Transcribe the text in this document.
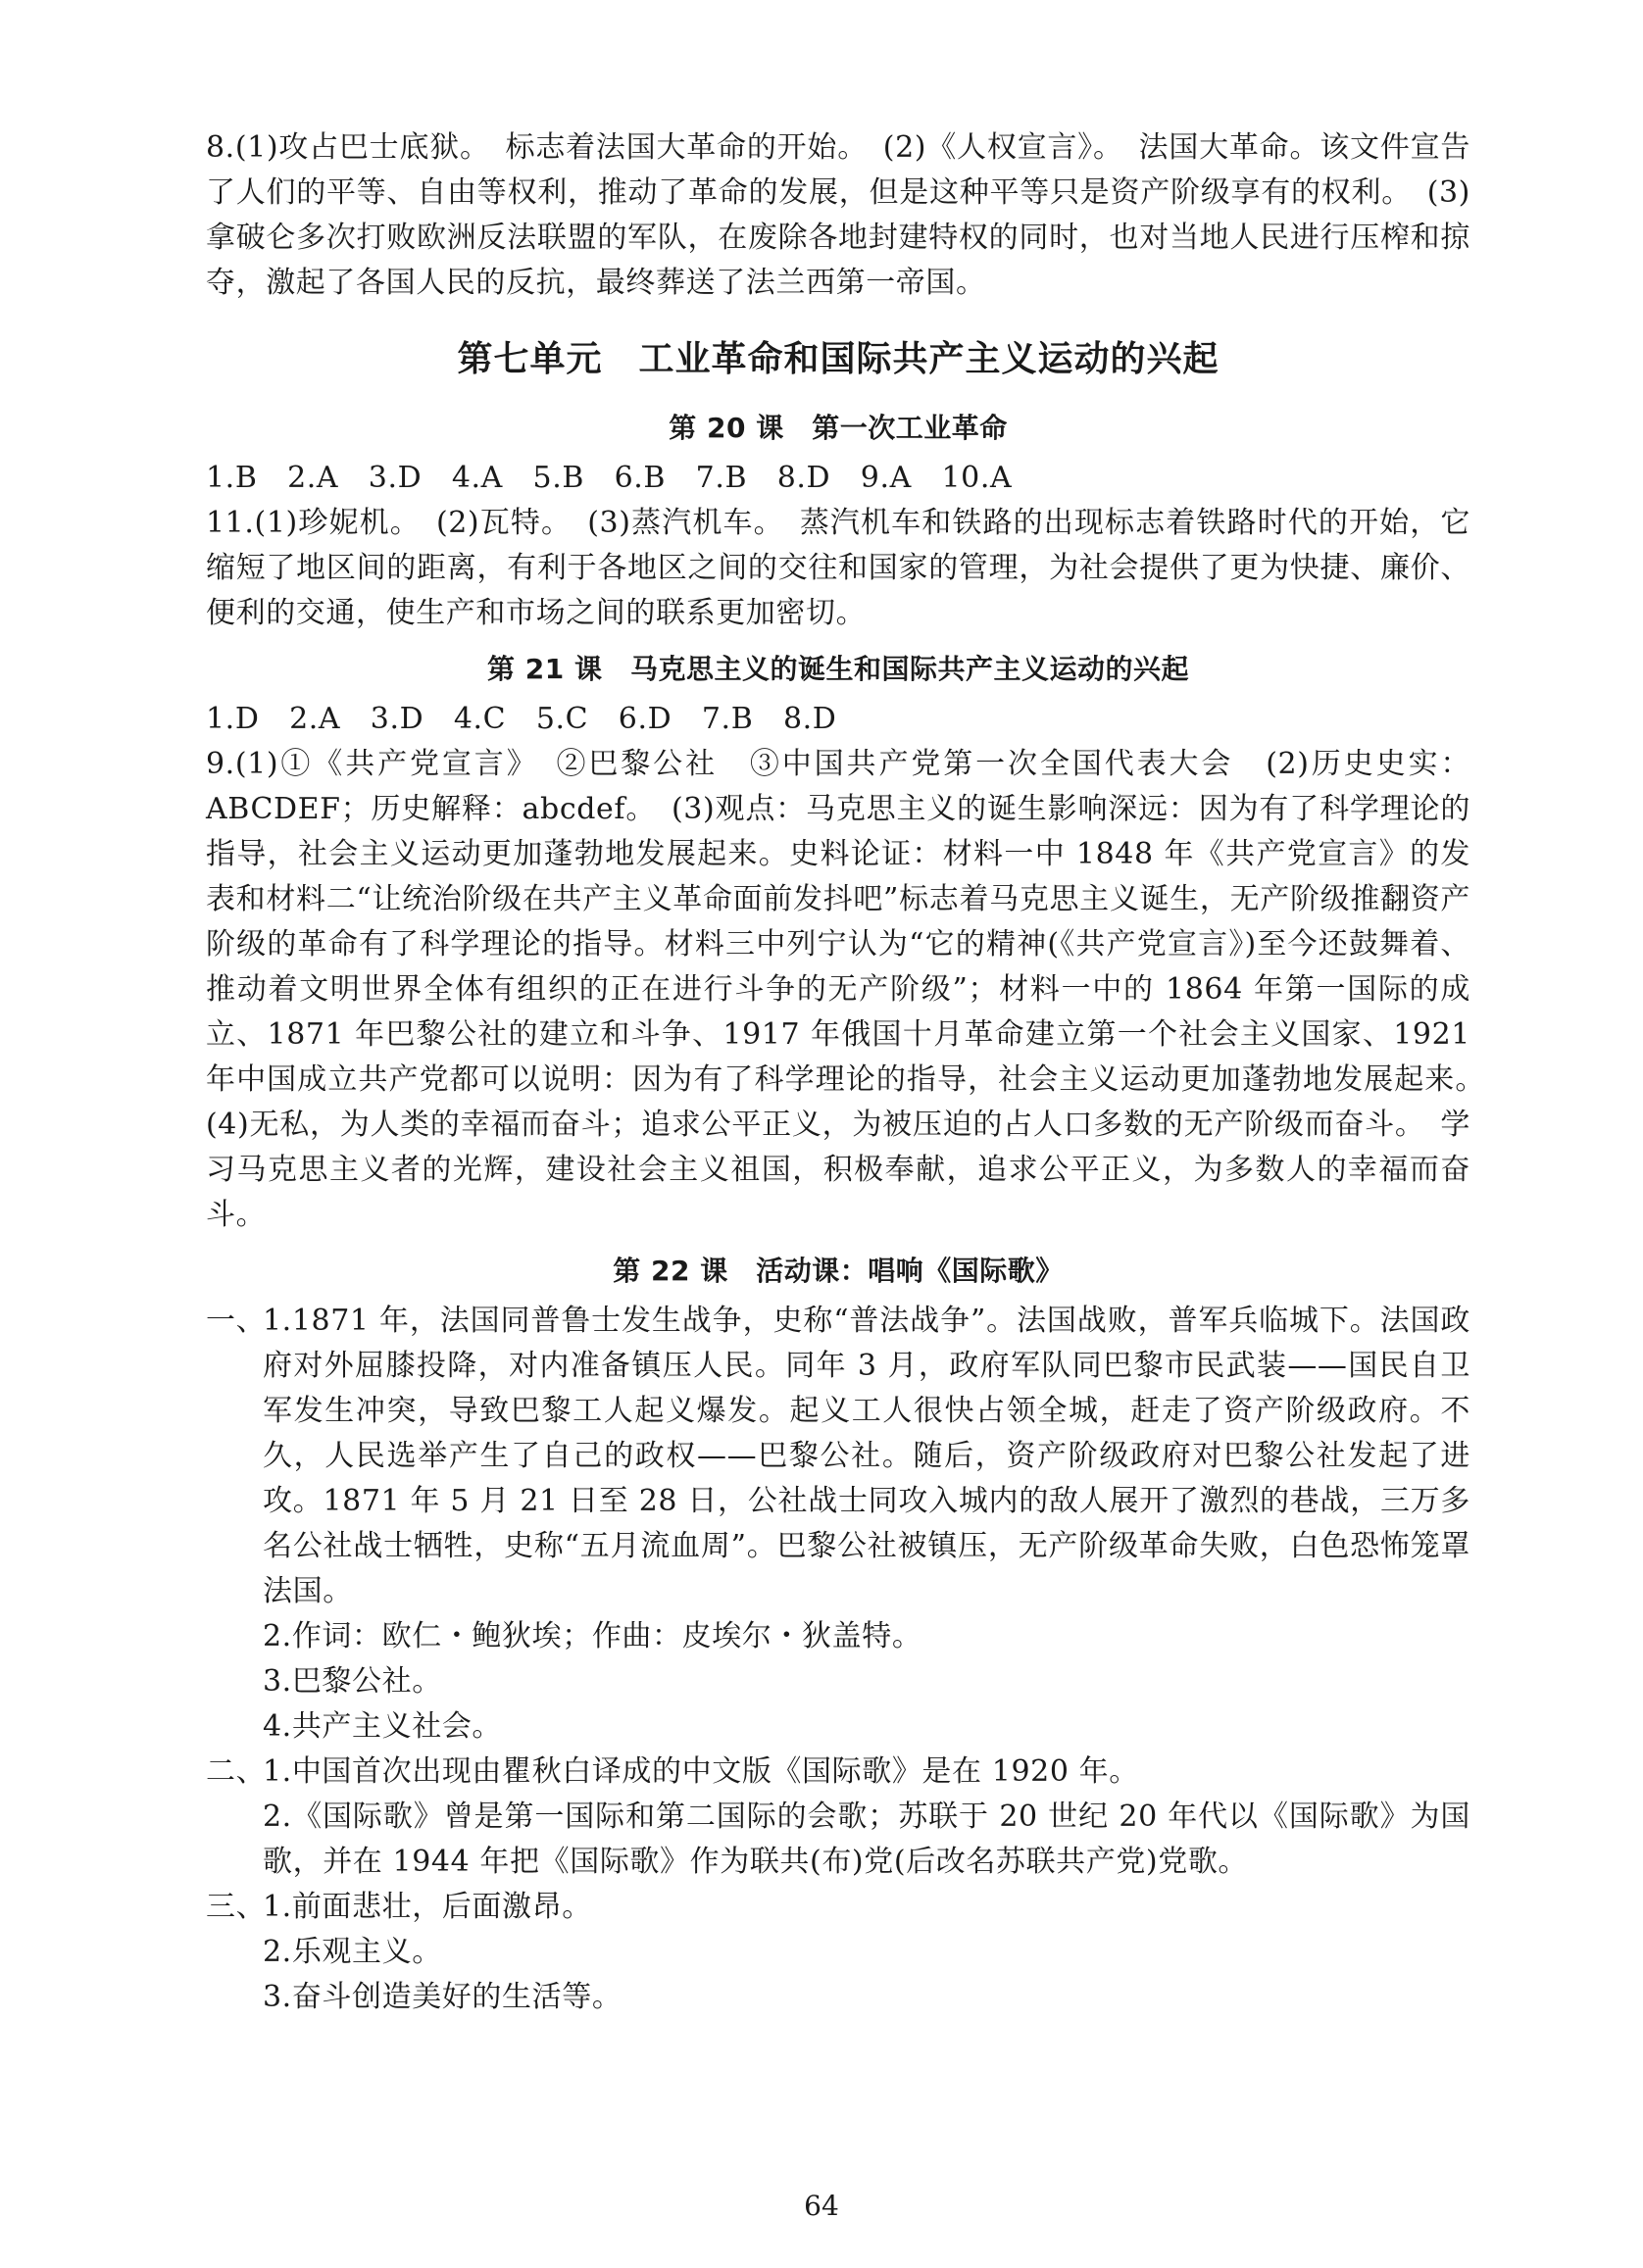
8.(1)攻占巴士底狱。　标志着法国大革命的开始。　(2)《人权宣言》。　法国大革命。该文件宣告了人们的平等、自由等权利，推动了革命的发展，但是这种平等只是资产阶级享有的权利。　(3)拿破仑多次打败欧洲反法联盟的军队，在废除各地封建特权的同时，也对当地人民进行压榨和掠夺，激起了各国人民的反抗，最终葬送了法兰西第一帝国。

第七单元　工业革命和国际共产主义运动的兴起
第 20 课　第一次工业革命

1.B　2.A　3.D　4.A　5.B　6.B　7.B　8.D　9.A　10.A

11.(1)珍妮机。　(2)瓦特。　(3)蒸汽机车。　蒸汽机车和铁路的出现标志着铁路时代的开始，它缩短了地区间的距离，有利于各地区之间的交往和国家的管理，为社会提供了更为快捷、廉价、便利的交通，使生产和市场之间的联系更加密切。

第 21 课　马克思主义的诞生和国际共产主义运动的兴起

1.D　2.A　3.D　4.C　5.C　6.D　7.B　8.D

9.(1)①《共产党宣言》　②巴黎公社　③中国共产党第一次全国代表大会　(2)历史史实：ABCDEF；历史解释：abcdef。　(3)观点：马克思主义的诞生影响深远：因为有了科学理论的指导，社会主义运动更加蓬勃地发展起来。史料论证：材料一中 1848 年《共产党宣言》的发表和材料二“让统治阶级在共产主义革命面前发抖吧”标志着马克思主义诞生，无产阶级推翻资产阶级的革命有了科学理论的指导。材料三中列宁认为“它的精神(《共产党宣言》)至今还鼓舞着、推动着文明世界全体有组织的正在进行斗争的无产阶级”；材料一中的 1864 年第一国际的成立、1871 年巴黎公社的建立和斗争、1917 年俄国十月革命建立第一个社会主义国家、1921 年中国成立共产党都可以说明：因为有了科学理论的指导，社会主义运动更加蓬勃地发展起来。　(4)无私，为人类的幸福而奋斗；追求公平正义，为被压迫的占人口多数的无产阶级而奋斗。　学习马克思主义者的光辉，建设社会主义祖国，积极奉献，追求公平正义，为多数人的幸福而奋斗。

第 22 课　活动课：唱响《国际歌》
一、

1.1871 年，法国同普鲁士发生战争，史称“普法战争”。法国战败，普军兵临城下。法国政府对外屈膝投降，对内准备镇压人民。同年 3 月，政府军队同巴黎市民武装——国民自卫军发生冲突，导致巴黎工人起义爆发。起义工人很快占领全城，赶走了资产阶级政府。不久，人民选举产生了自己的政权——巴黎公社。随后，资产阶级政府对巴黎公社发起了进攻。1871 年 5 月 21 日至 28 日，公社战士同攻入城内的敌人展开了激烈的巷战，三万多名公社战士牺牲，史称“五月流血周”。巴黎公社被镇压，无产阶级革命失败，白色恐怖笼罩法国。

2.作词：欧仁・鲍狄埃；作曲：皮埃尔・狄盖特。

3.巴黎公社。

4.共产主义社会。

二、

1.中国首次出现由瞿秋白译成的中文版《国际歌》是在 1920 年。

2.《国际歌》曾是第一国际和第二国际的会歌；苏联于 20 世纪 20 年代以《国际歌》为国歌，并在 1944 年把《国际歌》作为联共(布)党(后改名苏联共产党)党歌。

三、

1.前面悲壮，后面激昂。

2.乐观主义。

3.奋斗创造美好的生活等。

64
